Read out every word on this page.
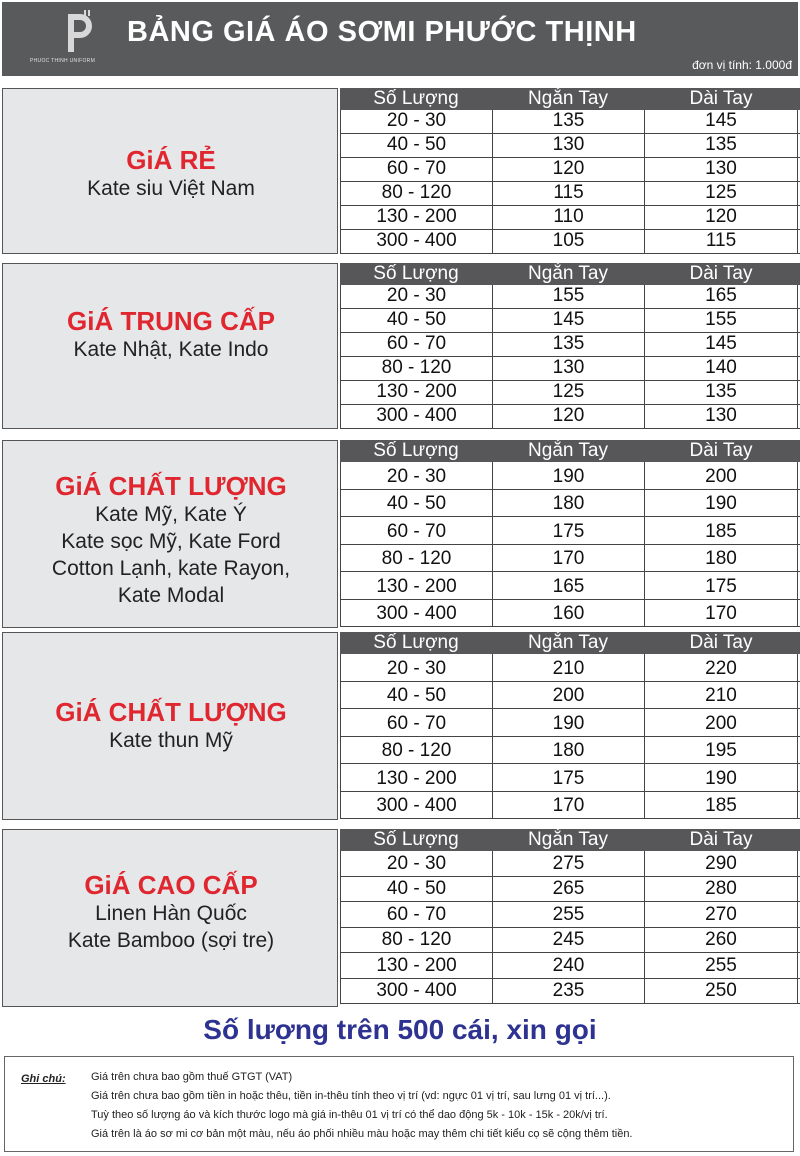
PHUOC THINH UNIFORM
BẢNG GIÁ ÁO SƠMI PHƯỚC THỊNH
đơn vị tính: 1.000đ
GiÁ RẺ
Kate siu Việt Nam
Số Lượng	Ngắn Tay	Dài Tay
20 - 30	135	145
40 - 50	130	135
60 - 70	120	130
80 - 120	115	125
130 - 200	110	120
300 - 400	105	115
GiÁ TRUNG CẤP
Kate Nhật, Kate Indo
Số Lượng	Ngắn Tay	Dài Tay
20 - 30	155	165
40 - 50	145	155
60 - 70	135	145
80 - 120	130	140
130 - 200	125	135
300 - 400	120	130
GiÁ CHẤT LƯỢNG
Kate Mỹ, Kate Ý
Kate sọc Mỹ, Kate Ford
Cotton Lạnh, kate Rayon,
Kate Modal
Số Lượng	Ngắn Tay	Dài Tay
20 - 30	190	200
40 - 50	180	190
60 - 70	175	185
80 - 120	170	180
130 - 200	165	175
300 - 400	160	170
GiÁ CHẤT LƯỢNG
Kate thun Mỹ
Số Lượng	Ngắn Tay	Dài Tay
20 - 30	210	220
40 - 50	200	210
60 - 70	190	200
80 - 120	180	195
130 - 200	175	190
300 - 400	170	185
GiÁ CAO CẤP
Linen Hàn Quốc
Kate Bamboo (sợi tre)
Số Lượng	Ngắn Tay	Dài Tay
20 - 30	275	290
40 - 50	265	280
60 - 70	255	270
80 - 120	245	260
130 - 200	240	255
300 - 400	235	250
Số lượng trên 500 cái, xin gọi
Ghi chú: Giá trên chưa bao gồm thuế GTGT (VAT)
Giá trên chưa bao gồm tiền in hoặc thêu, tiền in-thêu tính theo vị trí (vd: ngực 01 vị trí, sau lưng 01 vị trí...).
Tuỳ theo số lượng áo và kích thước logo mà giá in-thêu 01 vị trí có thể dao động 5k - 10k - 15k - 20k/vị trí.
Giá trên là áo sơ mi cơ bản một màu, nếu áo phối nhiều màu hoặc may thêm chi tiết kiểu cọ sẽ cộng thêm tiền.
